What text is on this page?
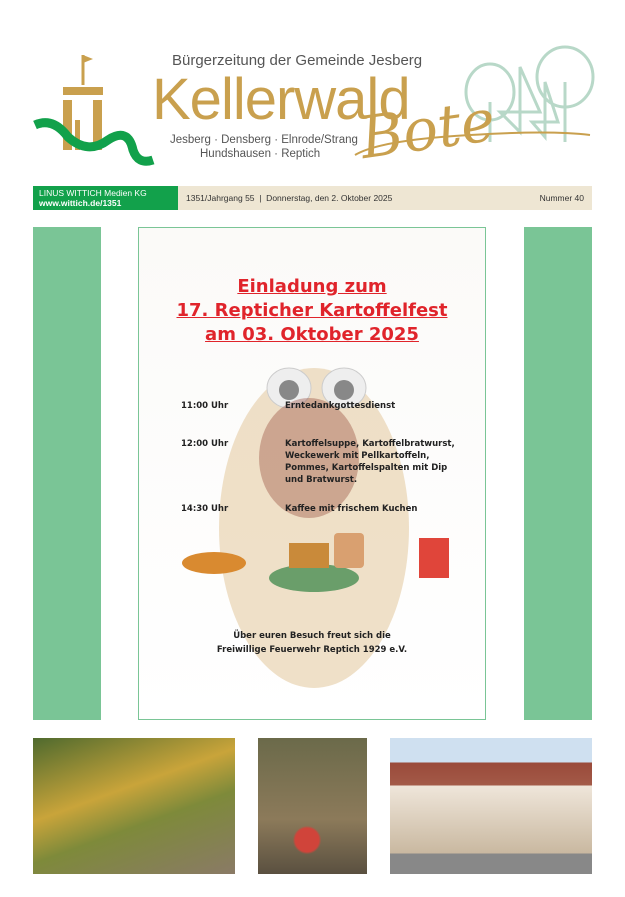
Bürgerzeitung der Gemeinde Jesberg
Kellerwald
Bote
Jesberg · Densberg · Elnrode/Strang
Hundshausen · Reptich
LINUS WITTICH Medien KG
www.wittich.de/1351	1351/Jahrgang 55  |  Donnerstag, den 2. Oktober 2025	Nummer 40
Einladung zum
17. Repticher Kartoffelfest
am 03. Oktober 2025
11:00 Uhr	Erntedankgottesdienst
12:00 Uhr	Kartoffelsuppe, Kartoffelbratwurst, Weckewerk mit Pellkartoffeln, Pommes, Kartoffelspalten mit Dip und Bratwurst.
14:30 Uhr	Kaffee mit frischem Kuchen
Über euren Besuch freut sich die
Freiwillige Feuerwehr Reptich 1929 e.V.
